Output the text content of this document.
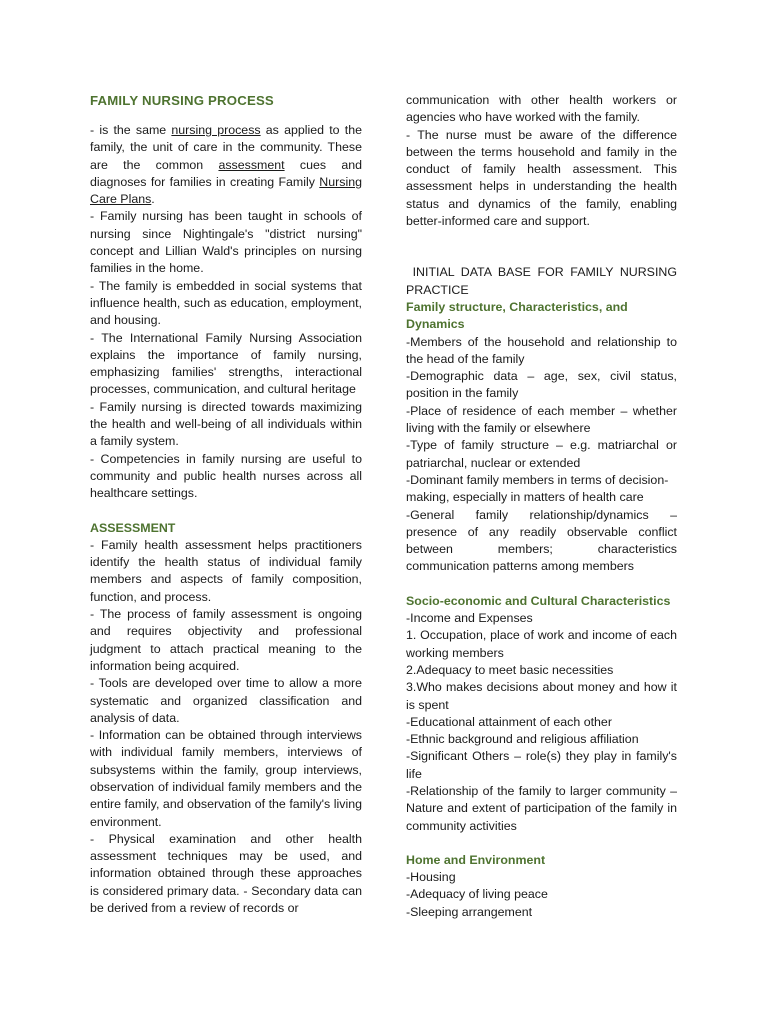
FAMILY NURSING PROCESS

- is the same nursing process as applied to the family, the unit of care in the community. These are the common assessment cues and diagnoses for families in creating Family Nursing Care Plans.

- Family nursing has been taught in schools of nursing since Nightingale's "district nursing" concept and Lillian Wald's principles on nursing families in the home.

- The family is embedded in social systems that influence health, such as education, employment, and housing.

- The International Family Nursing Association explains the importance of family nursing, emphasizing families' strengths, interactional processes, communication, and cultural heritage

- Family nursing is directed towards maximizing the health and well-being of all individuals within a family system.

- Competencies in family nursing are useful to community and public health nurses across all healthcare settings.

ASSESSMENT

- Family health assessment helps practitioners identify the health status of individual family members and aspects of family composition, function, and process.

- The process of family assessment is ongoing and requires objectivity and professional judgment to attach practical meaning to the information being acquired.

- Tools are developed over time to allow a more systematic and organized classification and analysis of data.

- Information can be obtained through interviews with individual family members, interviews of subsystems within the family, group interviews, observation of individual family members and the entire family, and observation of the family's living environment.

- Physical examination and other health assessment techniques may be used, and information obtained through these approaches is considered primary data. - Secondary data can be derived from a review of records or

communication with other health workers or agencies who have worked with the family.

- The nurse must be aware of the difference between the terms household and family in the conduct of family health assessment. This assessment helps in understanding the health status and dynamics of the family, enabling better-informed care and support.

INITIAL DATA BASE FOR FAMILY NURSING PRACTICE

Family structure, Characteristics, and Dynamics

-Members of the household and relationship to the head of the family

-Demographic data – age, sex, civil status, position in the family

-Place of residence of each member – whether living with the family or elsewhere

-Type of family structure – e.g. matriarchal or patriarchal, nuclear or extended

-Dominant family members in terms of decision-making, especially in matters of health care

-General family relationship/dynamics – presence of any readily observable conflict between members; characteristics communication patterns among members

Socio-economic and Cultural Characteristics

-Income and Expenses

1. Occupation, place of work and income of each working members

2.Adequacy to meet basic necessities

3.Who makes decisions about money and how it is spent

-Educational attainment of each other

-Ethnic background and religious affiliation

-Significant Others – role(s) they play in family's life

-Relationship of the family to larger community – Nature and extent of participation of the family in community activities

Home and Environment

-Housing

-Adequacy of living peace

-Sleeping arrangement
